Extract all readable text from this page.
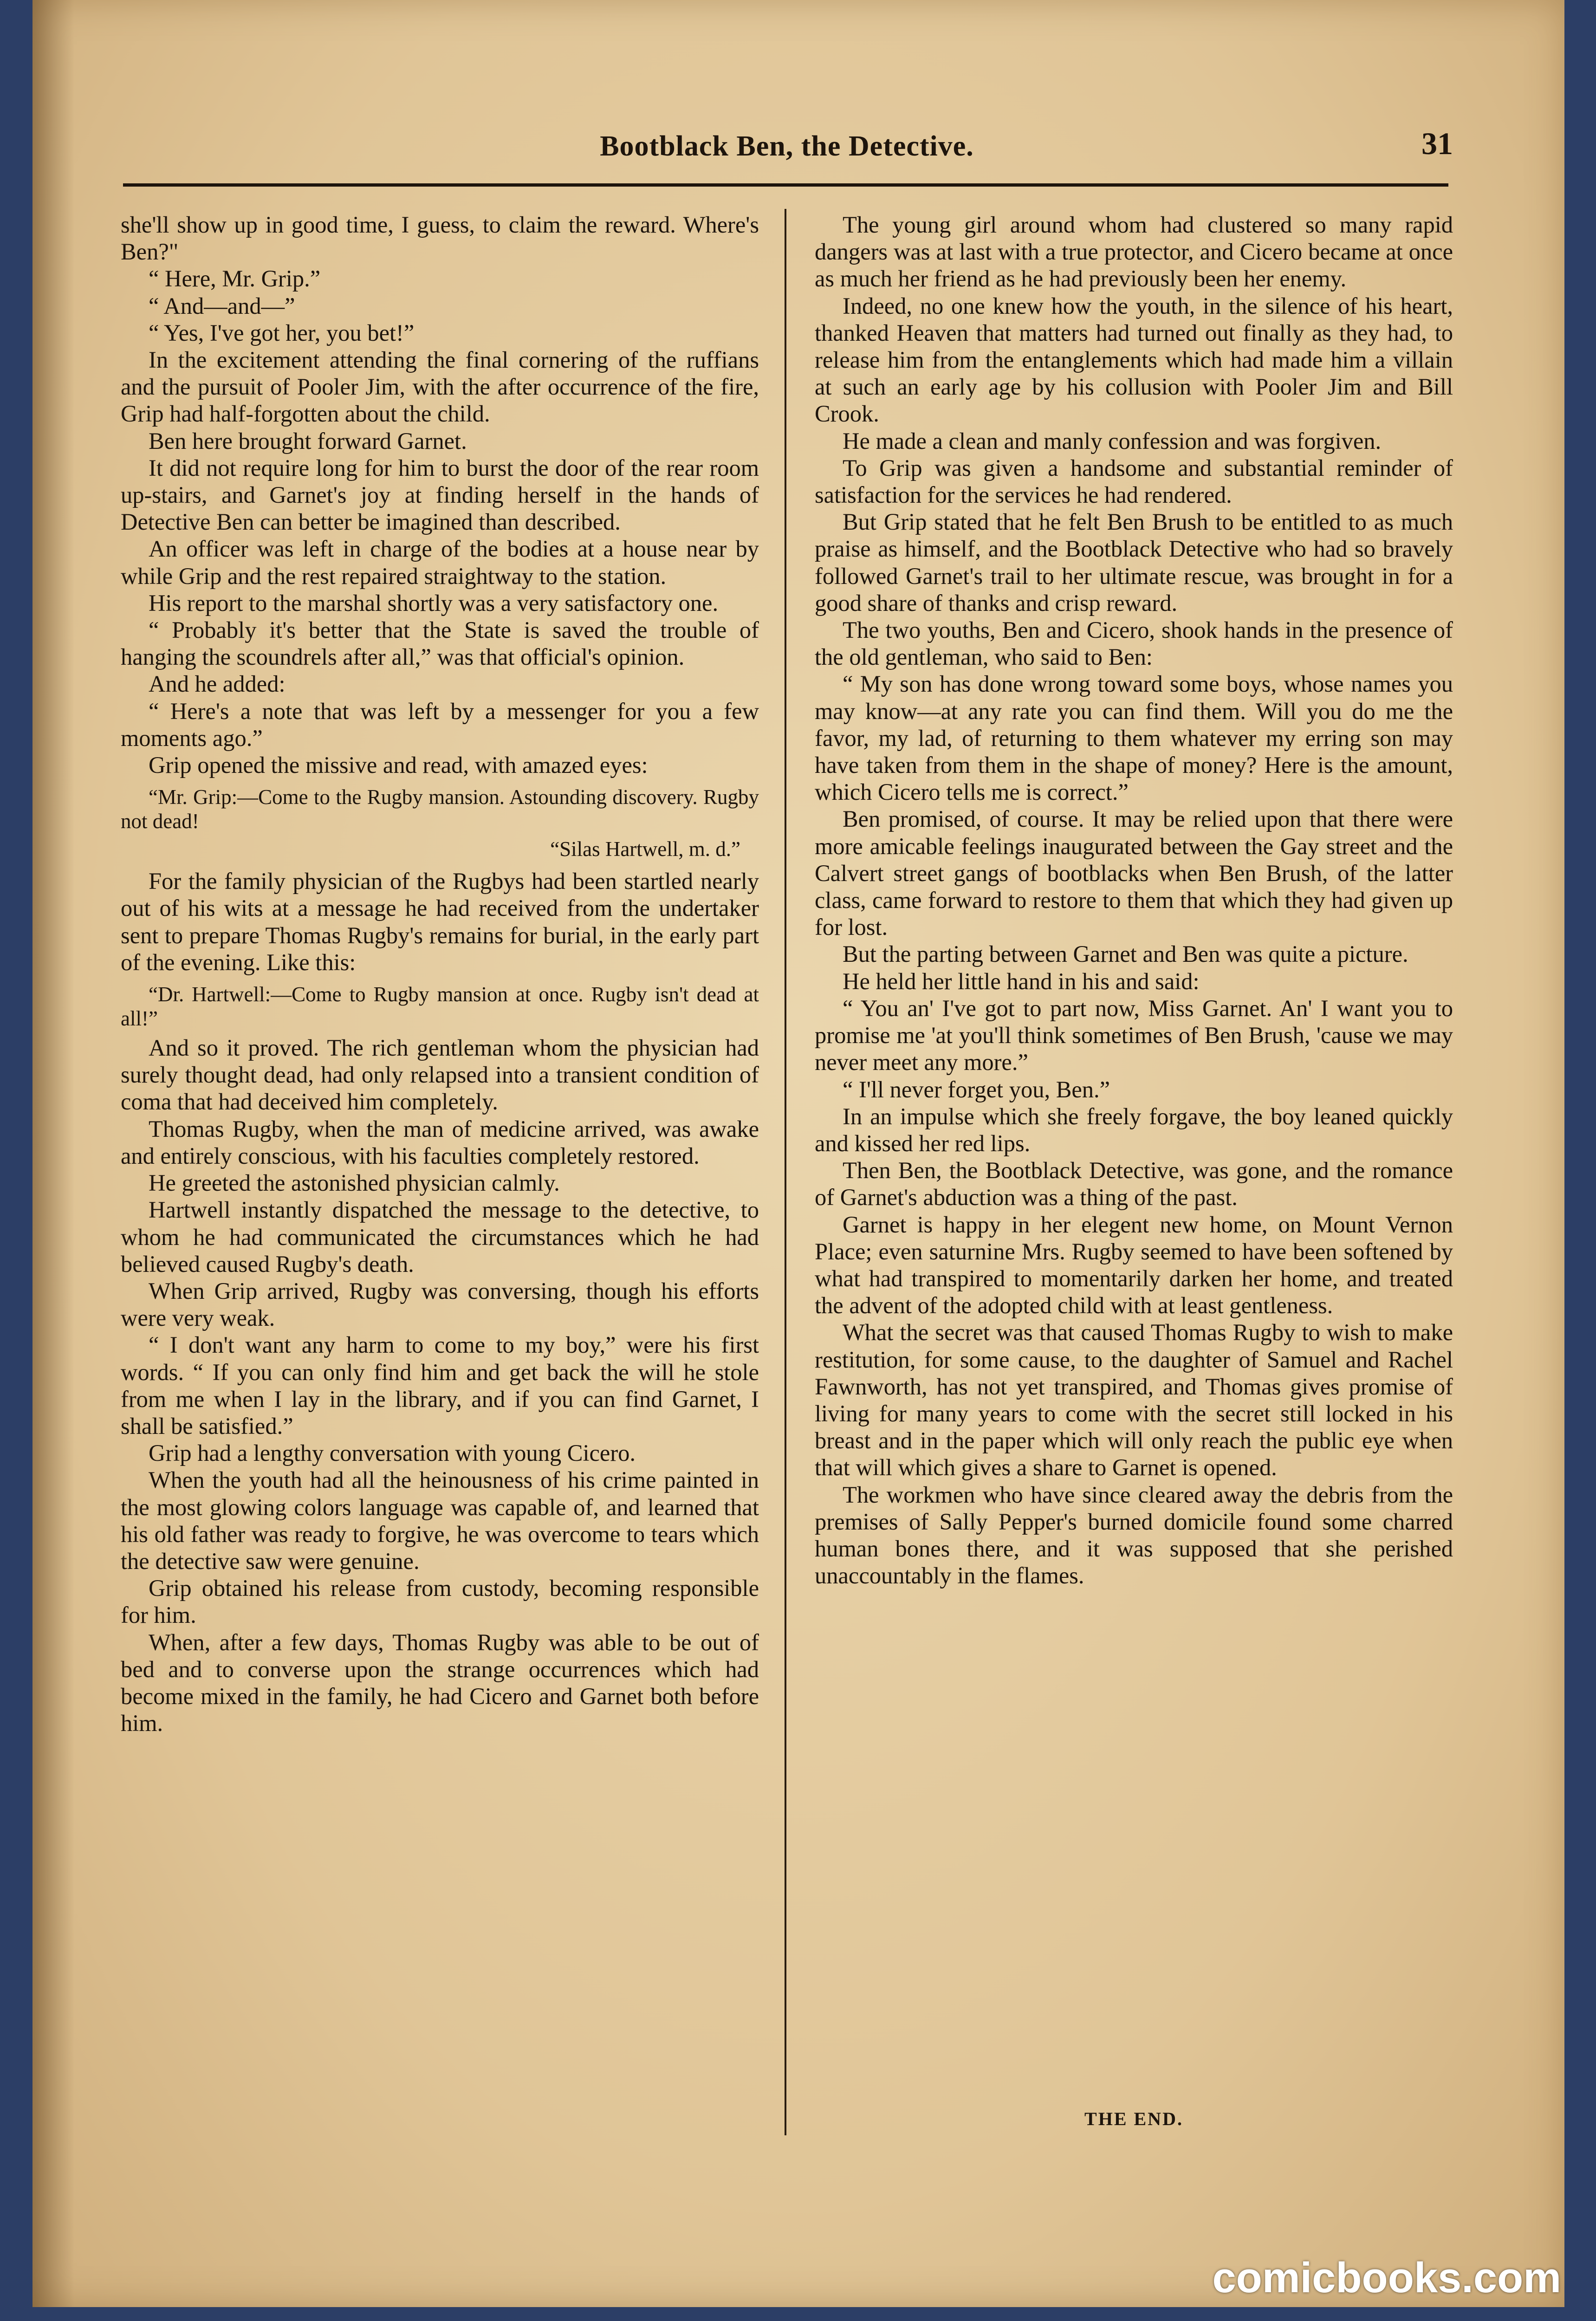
Bootblack Ben, the Detective.	31

she'll show up in good time, I guess, to claim the reward. Where's Ben?"

“ Here, Mr. Grip.”

“ And—and—”

“ Yes, I've got her, you bet!”

In the excitement attending the final cornering of the ruffians and the pursuit of Pooler Jim, with the after occurrence of the fire, Grip had half-forgotten about the child.

Ben here brought forward Garnet.

It did not require long for him to burst the door of the rear room up-stairs, and Garnet's joy at finding herself in the hands of Detective Ben can better be imagined than described.

An officer was left in charge of the bodies at a house near by while Grip and the rest repaired straightway to the station.

His report to the marshal shortly was a very satisfactory one.

“ Probably it's better that the State is saved the trouble of hanging the scoundrels after all,” was that official's opinion.

And he added:

“ Here's a note that was left by a messenger for you a few moments ago.”

Grip opened the missive and read, with amazed eyes:

“Mr. Grip:—Come to the Rugby mansion. Astounding discovery. Rugby not dead!

“Silas Hartwell, m. d.”

For the family physician of the Rugbys had been startled nearly out of his wits at a message he had received from the undertaker sent to prepare Thomas Rugby's remains for burial, in the early part of the evening. Like this:

“Dr. Hartwell:—Come to Rugby mansion at once. Rugby isn't dead at all!”

And so it proved. The rich gentleman whom the physician had surely thought dead, had only relapsed into a transient condition of coma that had deceived him completely.

Thomas Rugby, when the man of medicine arrived, was awake and entirely conscious, with his faculties completely restored.

He greeted the astonished physician calmly.

Hartwell instantly dispatched the message to the detective, to whom he had communicated the circumstances which he had believed caused Rugby's death.

When Grip arrived, Rugby was conversing, though his efforts were very weak.

“ I don't want any harm to come to my boy,” were his first words. “ If you can only find him and get back the will he stole from me when I lay in the library, and if you can find Garnet, I shall be satisfied.”

Grip had a lengthy conversation with young Cicero.

When the youth had all the heinousness of his crime painted in the most glowing colors language was capable of, and learned that his old father was ready to forgive, he was overcome to tears which the detective saw were genuine.

Grip obtained his release from custody, becoming responsible for him.

When, after a few days, Thomas Rugby was able to be out of bed and to converse upon the strange occurrences which had become mixed in the family, he had Cicero and Garnet both before him.

The young girl around whom had clustered so many rapid dangers was at last with a true protector, and Cicero became at once as much her friend as he had previously been her enemy.

Indeed, no one knew how the youth, in the silence of his heart, thanked Heaven that matters had turned out finally as they had, to release him from the entanglements which had made him a villain at such an early age by his collusion with Pooler Jim and Bill Crook.

He made a clean and manly confession and was forgiven.

To Grip was given a handsome and substantial reminder of satisfaction for the services he had rendered.

But Grip stated that he felt Ben Brush to be entitled to as much praise as himself, and the Bootblack Detective who had so bravely followed Garnet's trail to her ultimate rescue, was brought in for a good share of thanks and crisp reward.

The two youths, Ben and Cicero, shook hands in the presence of the old gentleman, who said to Ben:

“ My son has done wrong toward some boys, whose names you may know—at any rate you can find them. Will you do me the favor, my lad, of returning to them whatever my erring son may have taken from them in the shape of money? Here is the amount, which Cicero tells me is correct.”

Ben promised, of course. It may be relied upon that there were more amicable feelings inaugurated between the Gay street and the Calvert street gangs of bootblacks when Ben Brush, of the latter class, came forward to restore to them that which they had given up for lost.

But the parting between Garnet and Ben was quite a picture.

He held her little hand in his and said:

“ You an' I've got to part now, Miss Garnet. An' I want you to promise me 'at you'll think sometimes of Ben Brush, 'cause we may never meet any more.”

“ I'll never forget you, Ben.”

In an impulse which she freely forgave, the boy leaned quickly and kissed her red lips.

Then Ben, the Bootblack Detective, was gone, and the romance of Garnet's abduction was a thing of the past.

Garnet is happy in her elegent new home, on Mount Vernon Place; even saturnine Mrs. Rugby seemed to have been softened by what had transpired to momentarily darken her home, and treated the advent of the adopted child with at least gentleness.

What the secret was that caused Thomas Rugby to wish to make restitution, for some cause, to the daughter of Samuel and Rachel Fawnworth, has not yet transpired, and Thomas gives promise of living for many years to come with the secret still locked in his breast and in the paper which will only reach the public eye when that will which gives a share to Garnet is opened.

The workmen who have since cleared away the debris from the premises of Sally Pepper's burned domicile found some charred human bones there, and it was supposed that she perished unaccountably in the flames.

THE END.
comicbooks.com
